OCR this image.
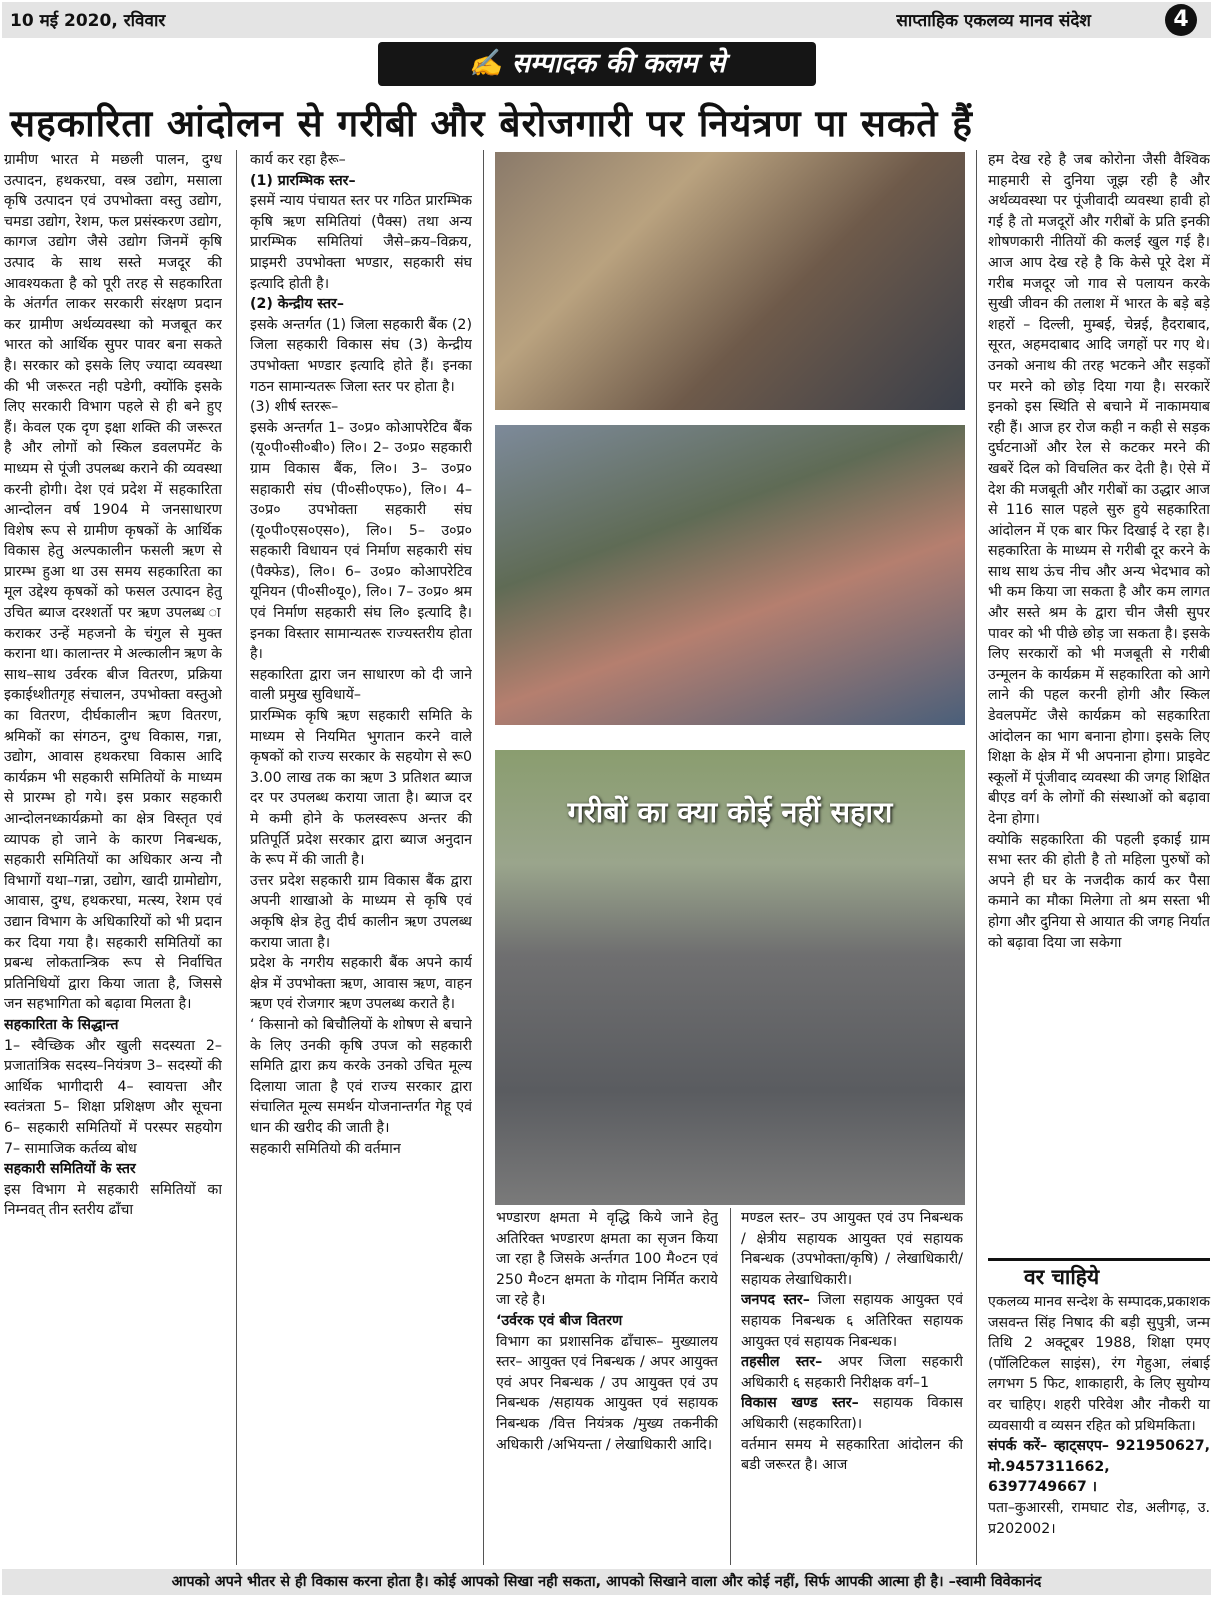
10 मई 2020, रविवार	साप्ताहिक एकलव्य मानव संदेश	4
✍ सम्पादक की कलम से
सहकारिता आंदोलन से गरीबी और बेरोजगारी पर नियंत्रण पा सकते हैं

ग्रामीण भारत मे मछली पालन, दुग्ध उत्पादन, हथकरघा, वस्त्र उद्योग, मसाला कृषि उत्पादन एवं उपभोक्ता वस्तु उद्योग, चमडा उद्योग, रेशम, फल प्रसंस्करण उद्योग, कागज उद्योग जैसे उद्योग जिनमें कृषि उत्पाद के साथ सस्ते मजदूर की आवश्यकता है को पूरी तरह से सहकारिता के अंतर्गत लाकर सरकारी संरक्षण प्रदान कर ग्रामीण अर्थव्यवस्था को मजबूत कर भारत को आर्थिक सुपर पावर बना सकते है। सरकार को इसके लिए ज्यादा व्यवस्था की भी जरूरत नही पडेगी, क्योंकि इसके लिए सरकारी विभाग पहले से ही बने हुए हैं। केवल एक दृण इक्षा शक्ति की जरूरत है और लोगों को स्किल डवलपमेंट के माध्यम से पूंजी उपलब्ध कराने की व्यवस्था करनी होगी। देश एवं प्रदेश में सहकारिता आन्दोलन वर्ष 1904 मे जनसाधारण विशेष रूप से ग्रामीण कृषकों के आर्थिक विकास हेतु अल्पकालीन फसली ऋण से प्रारम्भ हुआ था उस समय सहकारिता का मूल उद्देश्य कृषकों को फसल उत्पादन हेतु उचित ब्याज दरश्शर्तो पर ऋण उपलब्ध ा कराकर उन्हें महजनो के चंगुल से मुक्त कराना था। कालान्तर मे अल्कालीन ऋण के साथ–साथ उर्वरक बीज वितरण, प्रक्रिया इकाईध्शीतगृह संचालन, उपभोक्ता वस्तुओ का वितरण, दीर्घकालीन ऋण वितरण, श्रमिकों का संगठन, दुग्ध विकास, गन्ना, उद्योग, आवास हथकरघा विकास आदि कार्यक्रम भी सहकारी समितियों के माध्यम से प्रारम्भ हो गये। इस प्रकार सहकारी आन्दोलनध्कार्यक्रमो का क्षेत्र विस्तृत एवं व्यापक हो जाने के कारण निबन्धक, सहकारी समितियों का अधिकार अन्य नौ विभागों यथा–गन्ना, उद्योग, खादी ग्रामोद्योग, आवास, दुग्ध, हथकरघा, मत्स्य, रेशम एवं उद्यान विभाग के अधिकारियों को भी प्रदान कर दिया गया है। सहकारी समितियों का प्रबन्ध लोकतान्त्रिक रूप से निर्वाचित प्रतिनिधियों द्वारा किया जाता है, जिससे जन सहभागिता को बढ़ावा मिलता है।

सहकारिता के सिद्धान्त

1– स्वैच्छिक और खुली सदस्यता 2– प्रजातांत्रिक सदस्य–नियंत्रण 3– सदस्यों की आर्थिक भागीदारी 4– स्वायत्ता और स्वतंत्रता 5– शिक्षा प्रशिक्षण और सूचना 6– सहकारी समितियों में परस्पर सहयोग 7– सामाजिक कर्तव्य बोध

सहकारी समितियों के स्तर

इस विभाग मे सहकारी समितियों का निम्नवत् तीन स्तरीय ढाँचा

कार्य कर रहा हैरू–

(1) प्रारम्भिक स्तर–

इसमें न्याय पंचायत स्तर पर गठित प्रारम्भिक कृषि ऋण समितियां (पैक्स) तथा अन्य प्रारम्भिक समितियां जैसे–क्रय–विक्रय, प्राइमरी उपभोक्ता भण्डार, सहकारी संघ इत्यादि होती है।

(2) केन्द्रीय स्तर–

इसके अन्तर्गत (1) जिला सहकारी बैंक (2) जिला सहकारी विकास संघ (3) केन्द्रीय उपभोक्ता भण्डार इत्यादि होते हैं। इनका गठन सामान्यतरू जिला स्तर पर होता है।

(3) शीर्ष स्तररू–

इसके अन्तर्गत 1– उ०प्र० कोआपरेटिव बैंक (यू०पी०सी०बी०) लि०। 2– उ०प्र० सहकारी ग्राम विकास बैंक, लि०। 3– उ०प्र० सहाकारी संघ (पी०सी०एफ०), लि०। 4– उ०प्र० उपभोक्ता सहकारी संघ (यू०पी०एस०एस०), लि०। 5– उ०प्र० सहकारी विधायन एवं निर्माण सहकारी संघ (पैक्फेड), लि०। 6– उ०प्र० कोआपरेटिव यूनियन (पी०सी०यू०), लि०। 7– उ०प्र० श्रम एवं निर्माण सहकारी संघ लि० इत्यादि है। इनका विस्तार सामान्यतरू राज्यस्तरीय होता है।

सहकारिता द्वारा जन साधारण को दी जाने वाली प्रमुख सुविधायें–

प्रारम्भिक कृषि ऋण सहकारी समिति के माध्यम से नियमित भुगतान करने वाले कृषकों को राज्य सरकार के सहयोग से रू0 3.00 लाख तक का ऋण 3 प्रतिशत ब्याज दर पर उपलब्ध कराया जाता है। ब्याज दर मे कमी होने के फलस्वरूप अन्तर की प्रतिपूर्ति प्रदेश सरकार द्वारा ब्याज अनुदान के रूप में की जाती है।

उत्तर प्रदेश सहकारी ग्राम विकास बैंक द्वारा अपनी शाखाओ के माध्यम से कृषि एवं अकृषि क्षेत्र हेतु दीर्घ कालीन ऋण उपलब्ध कराया जाता है।

प्रदेश के नगरीय सहकारी बैंक अपने कार्य क्षेत्र में उपभोक्ता ऋण, आवास ऋण, वाहन ऋण एवं रोजगार ऋण उपलब्ध कराते है।

‘ किसानो को बिचौलियों के शोषण से बचाने के लिए उनकी कृषि उपज को सहकारी समिति द्वारा क्रय करके उनको उचित मूल्य दिलाया जाता है एवं राज्य सरकार द्वारा संचालित मूल्य समर्थन योजनान्तर्गत गेहू एवं धान की खरीद की जाती है।

सहकारी समितियो की वर्तमान

गरीबों का क्या कोई नहीं सहारा

भण्डारण क्षमता मे वृद्धि किये जाने हेतु अतिरिक्त भण्डारण क्षमता का सृजन किया जा रहा है जिसके अर्न्तगत 100 मै०टन एवं 250 मै०टन क्षमता के गोदाम निर्मित कराये जा रहे है।

‘उर्वरक एवं बीज वितरण

विभाग का प्रशासनिक ढाँचारू– मुख्यालय स्तर– आयुक्त एवं निबन्धक / अपर आयुक्त एवं अपर निबन्धक / उप आयुक्त एवं उप निबन्धक /सहायक आयुक्त एवं सहायक निबन्धक /वित्त नियंत्रक /मुख्य तकनीकी अधिकारी /अभियन्ता / लेखाधिकारी आदि।

मण्डल स्तर– उप आयुक्त एवं उप निबन्धक / क्षेत्रीय सहायक आयुक्त एवं सहायक निबन्धक (उपभोक्ता/कृषि) / लेखाधिकारी/ सहायक लेखाधिकारी।

जनपद स्तर– जिला सहायक आयुक्त एवं सहायक निबन्धक ६ अतिरिक्त सहायक आयुक्त एवं सहायक निबन्धक।

तहसील स्तर– अपर जिला सहकारी अधिकारी ६ सहकारी निरीक्षक वर्ग–1

विकास खण्ड स्तर– सहायक विकास अधिकारी (सहकारिता)।

वर्तमान समय मे सहकारिता आंदोलन की बडी जरूरत है। आज

हम देख रहे है जब कोरोना जैसी वैश्विक माहमारी से दुनिया जूझ रही है और अर्थव्यवस्था पर पूंजीवादी व्यवस्था हावी हो गई है तो मजदूरों और गरीबों के प्रति इनकी शोषणकारी नीतियों की कलई खुल गई है। आज आप देख रहे है कि केसे पूरे देश में गरीब मजदूर जो गाव से पलायन करके सुखी जीवन की तलाश में भारत के बड़े बड़े शहरों – दिल्ली, मुम्बई, चेन्नई, हैदराबाद, सूरत, अहमदाबाद आदि जगहों पर गए थे। उनको अनाथ की तरह भटकने और सड़कों पर मरने को छोड़ दिया गया है। सरकारें इनको इस स्थिति से बचाने में नाकामयाब रही हैं। आज हर रोज कही न कही से सड़क दुर्घटनाओं और रेल से कटकर मरने की खबरें दिल को विचलित कर देती है। ऐसे में देश की मजबूती और गरीबों का उद्धार आज से 116 साल पहले सुरु हुये सहकारिता आंदोलन में एक बार फिर दिखाई दे रहा है। सहकारिता के माध्यम से गरीबी दूर करने के साथ साथ ऊंच नीच और अन्य भेदभाव को भी कम किया जा सकता है और कम लागत और सस्ते श्रम के द्वारा चीन जैसी सुपर पावर को भी पीछे छोड़ जा सकता है। इसके लिए सरकारों को भी मजबूती से गरीबी उन्मूलन के कार्यक्रम में सहकारिता को आगे लाने की पहल करनी होगी और स्किल डेवलपमेंट जैसे कार्यक्रम को सहकारिता आंदोलन का भाग बनाना होगा। इसके लिए शिक्षा के क्षेत्र में भी अपनाना होगा। प्राइवेट स्कूलों में पूंजीवाद व्यवस्था की जगह शिक्षित बीएड वर्ग के लोगों की संस्थाओं को बढ़ावा देना होगा।

क्योकि सहकारिता की पहली इकाई ग्राम सभा स्तर की होती है तो महिला पुरुषों को अपने ही घर के नजदीक कार्य कर पैसा कमाने का मौका मिलेगा तो श्रम सस्ता भी होगा और दुनिया से आयात की जगह निर्यात को बढ़ावा दिया जा सकेगा

वर चाहिये

एकलव्य मानव सन्देश के सम्पादक,प्रकाशक जसवन्त सिंह निषाद की बड़ी सुपुत्री, जन्म तिथि 2 अक्टूबर 1988, शिक्षा एमए (पॉलिटिकल साइंस), रंग गेहुआ, लंबाई लगभग 5 फिट, शाकाहारी, के लिए सुयोग्य वर चाहिए। शहरी परिवेश और नौकरी या व्यवसायी व व्यसन रहित को प्रथिमकिता।

संपर्क करें– व्हाट्सएप– 921950627, मो.9457311662, 6397749667 ।

पता–कुआरसी, रामघाट रोड, अलीगढ़, उ. प्र202002।

आपको अपने भीतर से ही विकास करना होता है। कोई आपको सिखा नही सकता, आपको सिखाने वाला और कोई नहीं, सिर्फ आपकी आत्मा ही है। –स्वामी विवेकानंद
